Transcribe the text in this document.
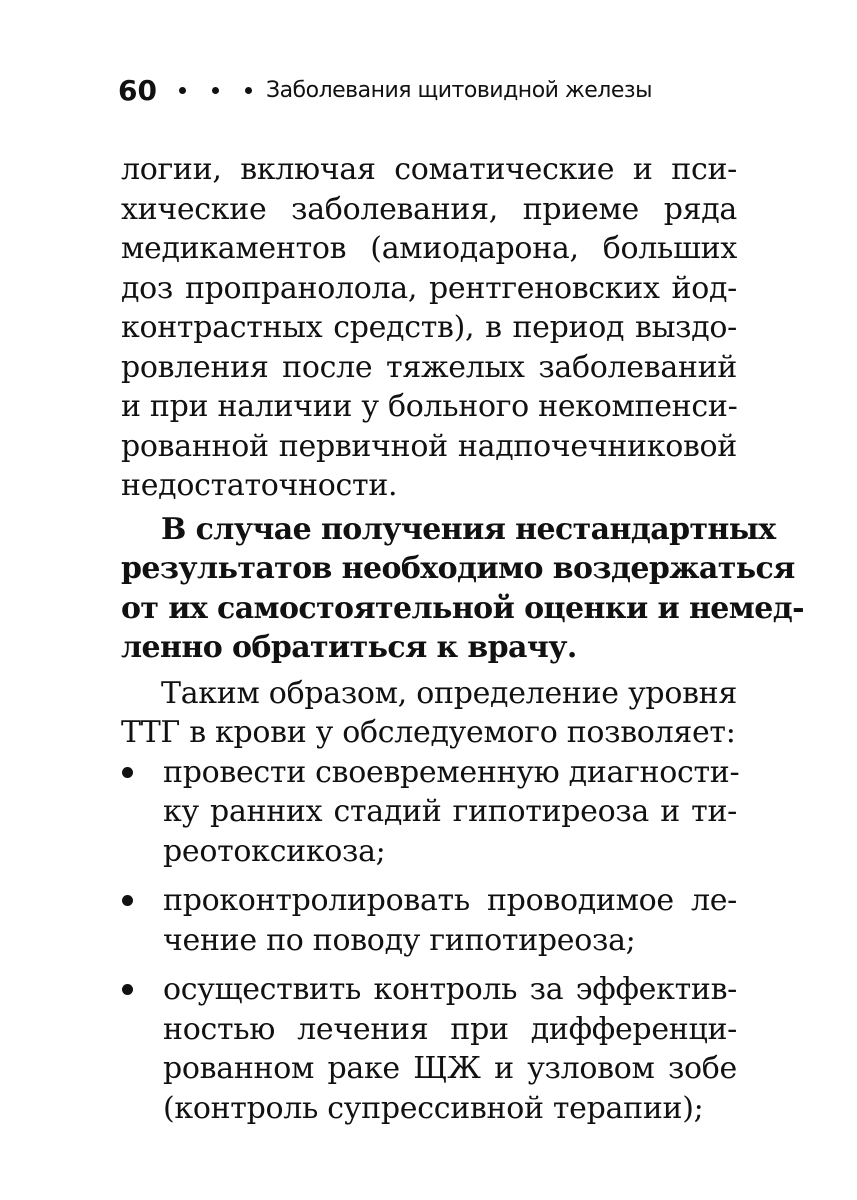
60	Заболевания щитовидной железы

логии, включая соматические и пси-
хические заболевания, приеме ряда
медикаментов (амиодарона, больших
доз пропранолола, рентгеновских йод-
контрастных средств), в период выздо-
ровления после тяжелых заболеваний
и при наличии у больного некомпенси-
рованной первичной надпочечниковой
недостаточности.

В случае получения нестандартных
результатов необходимо воздержаться
от их самостоятельной оценки и немед-
ленно обратиться к врачу.

Таким образом, определение уровня
ТТГ в крови у обследуемого позволяет:

провести своевременную диагности-
ку ранних стадий гипотиреоза и ти-
реотоксикоза;
проконтролировать проводимое ле-
чение по поводу гипотиреоза;
осуществить контроль за эффектив-
ностью лечения при дифференци-
рованном раке ЩЖ и узловом зобе
(контроль супрессивной терапии);
